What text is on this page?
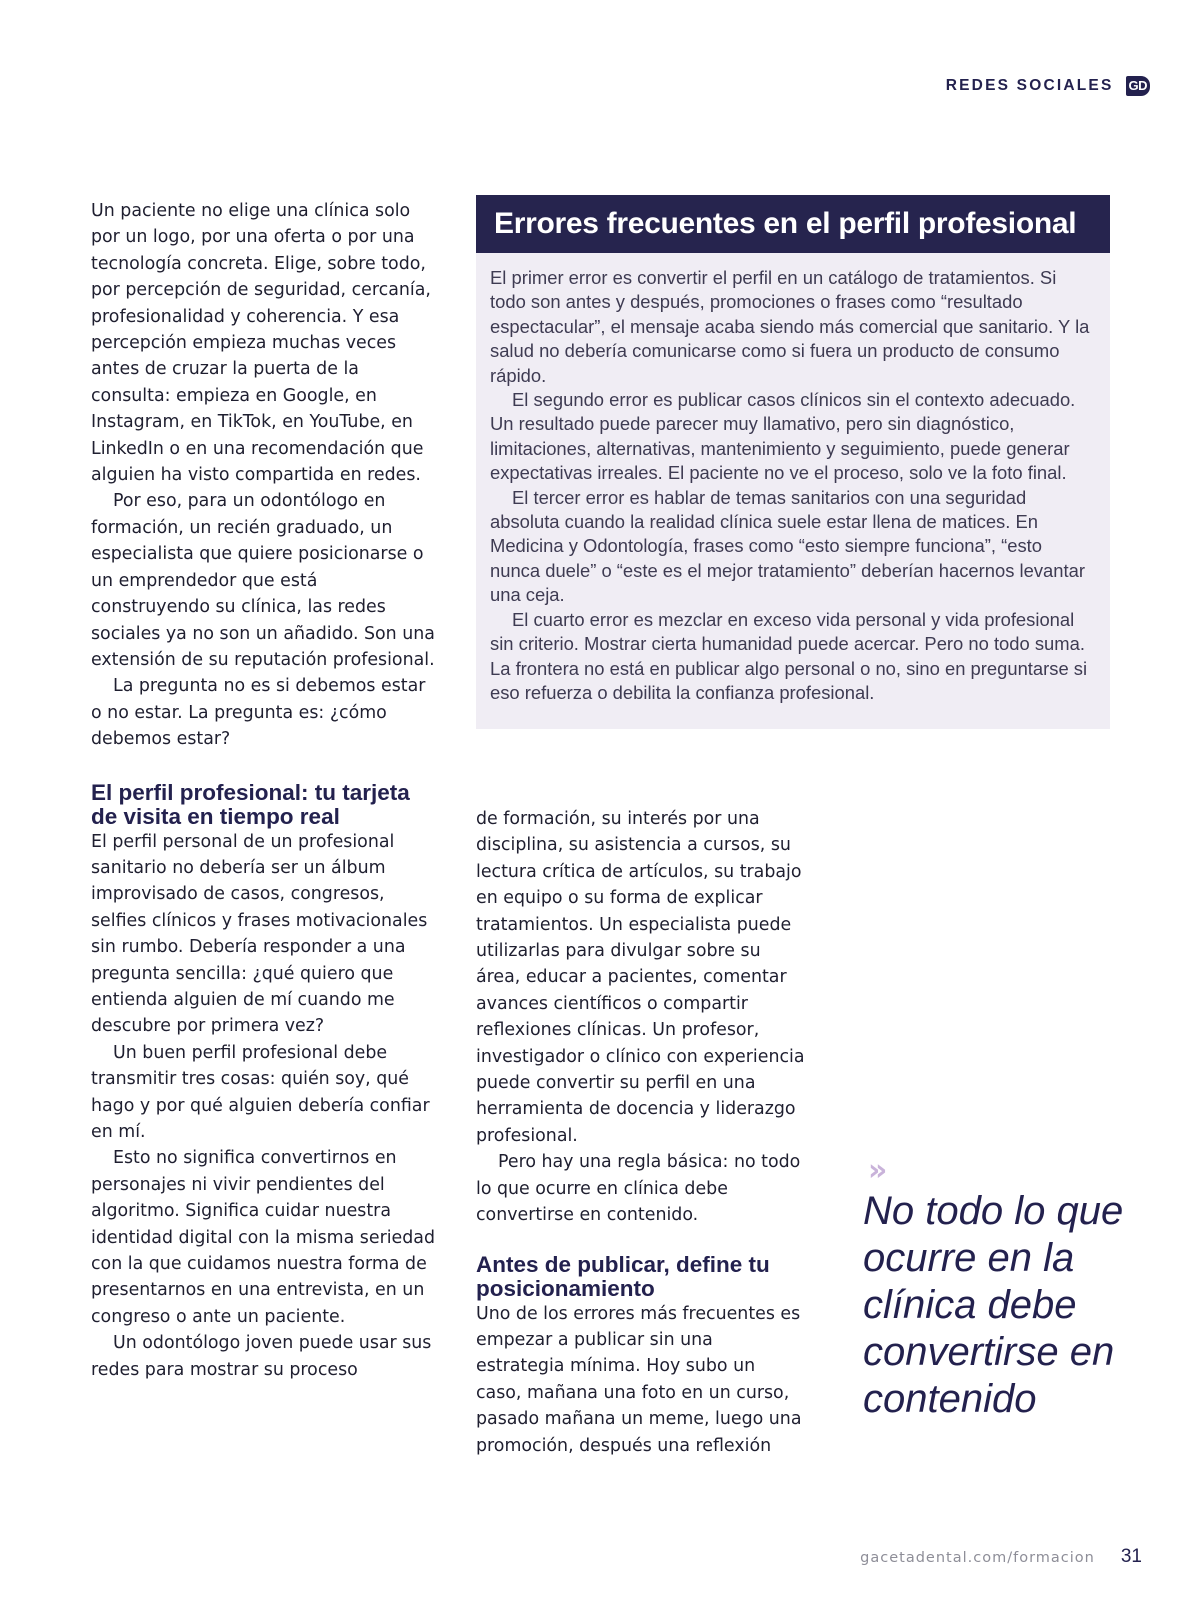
REDES SOCIALES GD

Un paciente no elige una clínica solo por un logo, por una oferta o por una tecnología concreta. Elige, sobre todo, por percepción de seguridad, cercanía, profesionalidad y coherencia. Y esa percepción empieza muchas veces antes de cruzar la puerta de la consulta: empieza en Google, en Instagram, en TikTok, en YouTube, en LinkedIn o en una recomendación que alguien ha visto compartida en redes.

Por eso, para un odontólogo en formación, un recién graduado, un especialista que quiere posicionarse o un emprendedor que está construyendo su clínica, las redes sociales ya no son un añadido. Son una extensión de su reputación profesional.

La pregunta no es si debemos estar o no estar. La pregunta es: ¿cómo debemos estar?

El perfil profesional: tu tarjeta de visita en tiempo real

El perfil personal de un profesional sanitario no debería ser un álbum improvisado de casos, congresos, selfies clínicos y frases motivacionales sin rumbo. Debería responder a una pregunta sencilla: ¿qué quiero que entienda alguien de mí cuando me descubre por primera vez?

Un buen perfil profesional debe transmitir tres cosas: quién soy, qué hago y por qué alguien debería confiar en mí.

Esto no significa convertirnos en personajes ni vivir pendientes del algoritmo. Significa cuidar nuestra identidad digital con la misma seriedad con la que cuidamos nuestra forma de presentarnos en una entrevista, en un congreso o ante un paciente.

Un odontólogo joven puede usar sus redes para mostrar su proceso

Errores frecuentes en el perfil profesional

El primer error es convertir el perfil en un catálogo de tratamientos. Si todo son antes y después, promociones o frases como “resultado espectacular”, el mensaje acaba siendo más comercial que sanitario. Y la salud no debería comunicarse como si fuera un producto de consumo rápido.

El segundo error es publicar casos clínicos sin el contexto adecuado. Un resultado puede parecer muy llamativo, pero sin diagnóstico, limitaciones, alternativas, mantenimiento y seguimiento, puede generar expectativas irreales. El paciente no ve el proceso, solo ve la foto final.

El tercer error es hablar de temas sanitarios con una seguridad absoluta cuando la realidad clínica suele estar llena de matices. En Medicina y Odontología, frases como “esto siempre funciona”, “esto nunca duele” o “este es el mejor tratamiento” deberían hacernos levantar una ceja.

El cuarto error es mezclar en exceso vida personal y vida profesional sin criterio. Mostrar cierta humanidad puede acercar. Pero no todo suma. La frontera no está en publicar algo personal o no, sino en preguntarse si eso refuerza o debilita la confianza profesional.

de formación, su interés por una disciplina, su asistencia a cursos, su lectura crítica de artículos, su trabajo en equipo o su forma de explicar tratamientos. Un especialista puede utilizarlas para divulgar sobre su área, educar a pacientes, comentar avances científicos o compartir reflexiones clínicas. Un profesor, investigador o clínico con experiencia puede convertir su perfil en una herramienta de docencia y liderazgo profesional.

Pero hay una regla básica: no todo lo que ocurre en clínica debe convertirse en contenido.

Antes de publicar, define tu posicionamiento

Uno de los errores más frecuentes es empezar a publicar sin una estrategia mínima. Hoy subo un caso, mañana una foto en un curso, pasado mañana un meme, luego una promoción, después una reflexión

»

No todo lo que ocurre en la clínica debe convertirse en contenido

gacetadental.com/formacion 31
